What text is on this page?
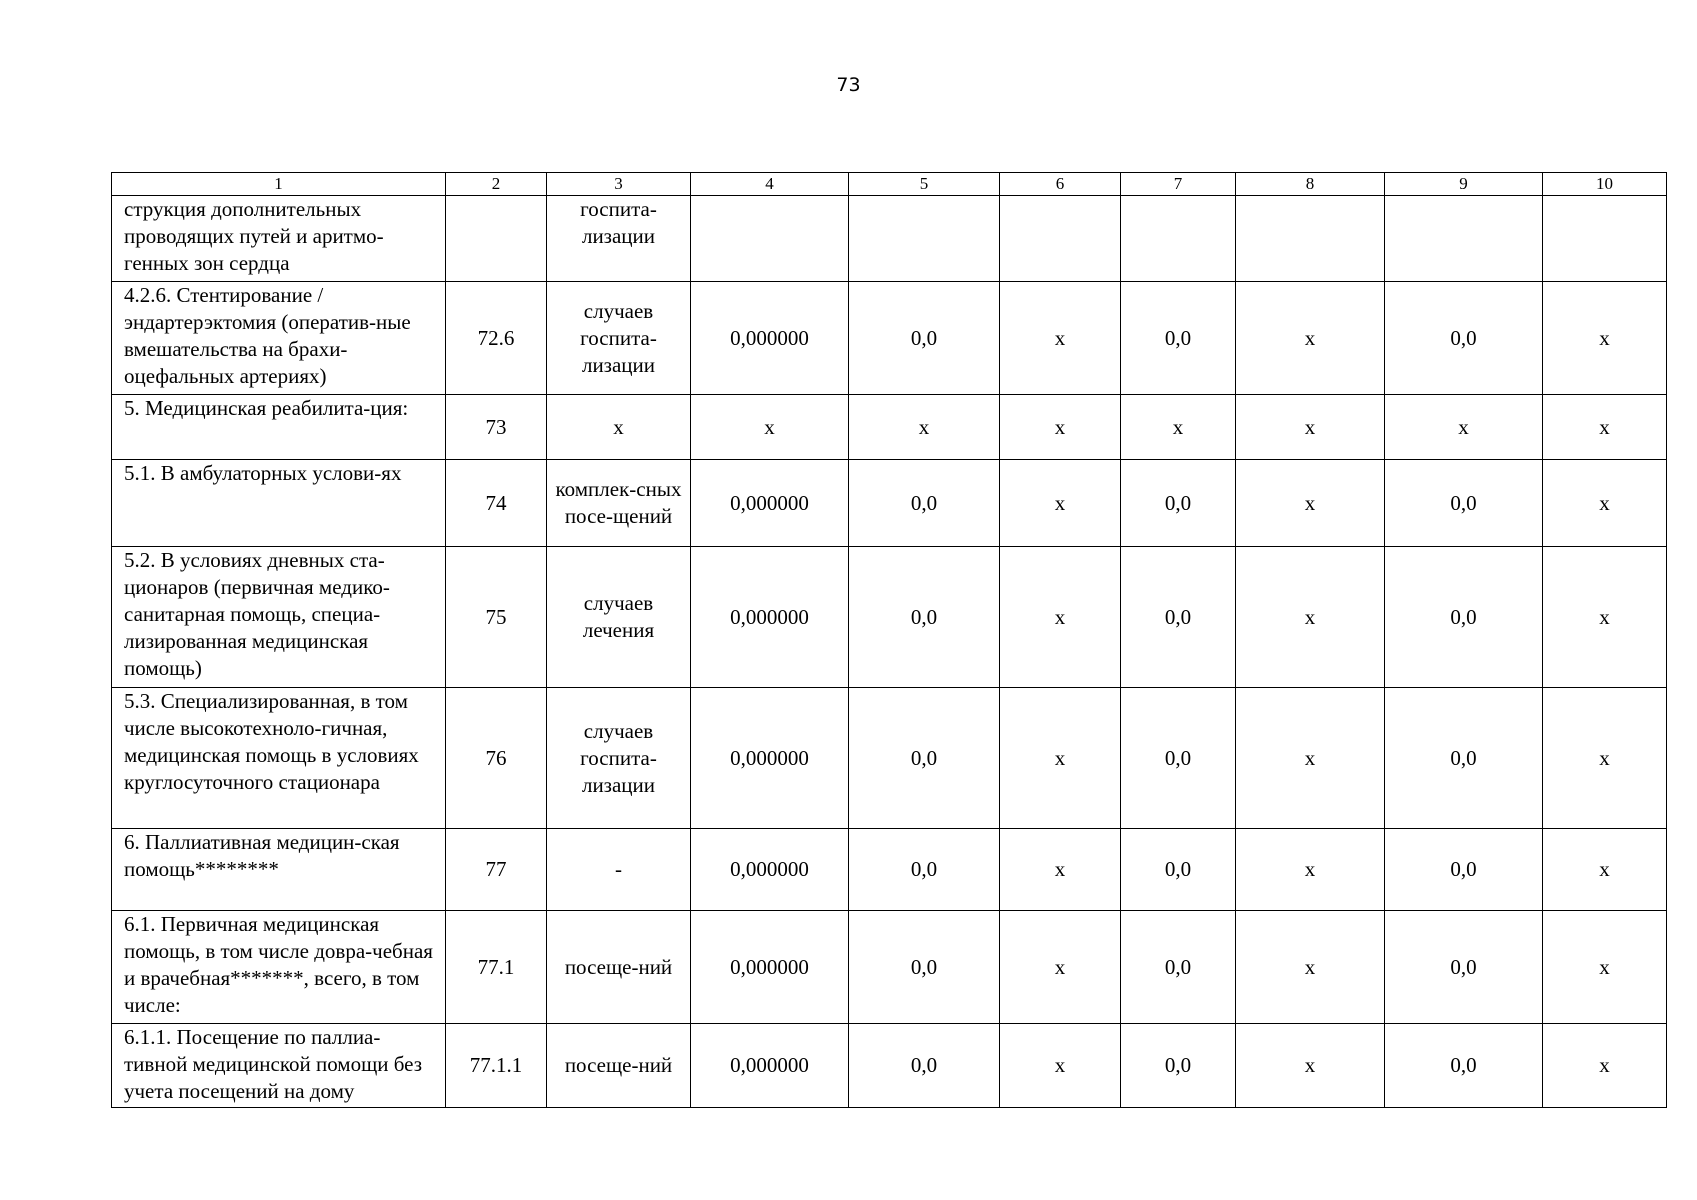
73
1	2	3	4	5	6	7	8	9	10
струкция дополнительных проводящих путей и аритмо-генных зон сердца		госпита-лизации							
4.2.6. Стентирование /эндартерэктомия (оператив-ные вмешательства на брахи-оцефальных артериях)	72.6	случаев госпита-лизации	0,000000	0,0	х	0,0	х	0,0	х
5. Медицинская реабилита-ция:	73	х	х	х	х	х	х	х	х
5.1. В амбулаторных услови-ях	74	комплек-сных посе-щений	0,000000	0,0	х	0,0	х	0,0	х
5.2. В условиях дневных ста-ционаров (первичная медико-санитарная помощь, специа-лизированная медицинская помощь)	75	случаев лечения	0,000000	0,0	х	0,0	х	0,0	х
5.3. Специализированная, в том числе высокотехноло-гичная, медицинская помощь в условиях круглосуточного стационара	76	случаев госпита-лизации	0,000000	0,0	х	0,0	х	0,0	х
6. Паллиативная медицин-ская помощь********	77	-	0,000000	0,0	х	0,0	х	0,0	х
6.1. Первичная медицинская помощь, в том числе довра-чебная и врачебная*******, всего, в том числе:	77.1	посеще-ний	0,000000	0,0	х	0,0	х	0,0	х
6.1.1. Посещение по паллиа-тивной медицинской помощи без учета посещений на дому	77.1.1	посеще-ний	0,000000	0,0	х	0,0	х	0,0	х
